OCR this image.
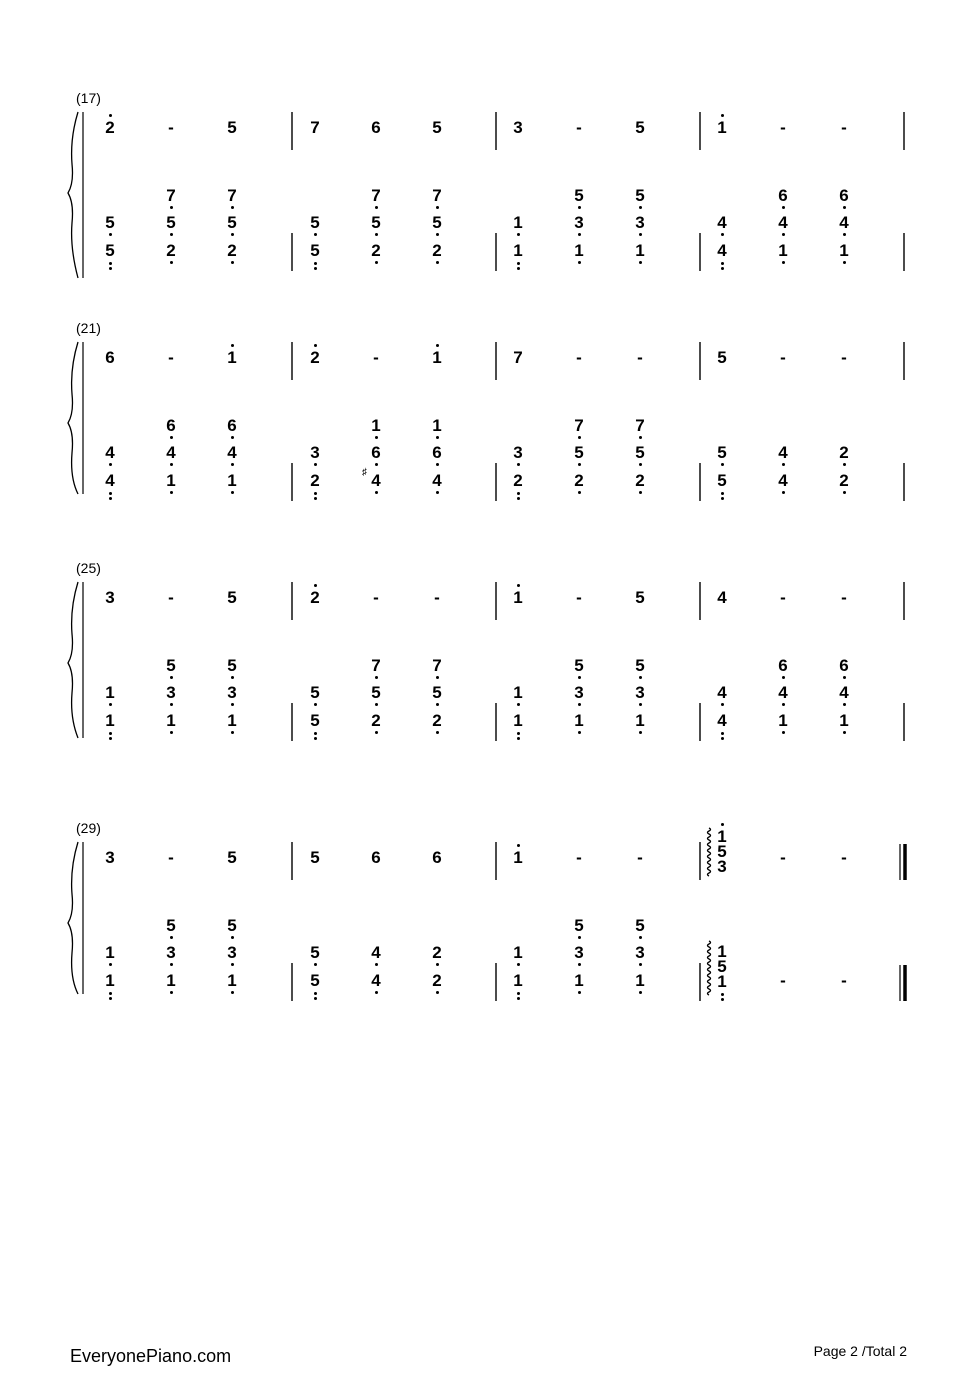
(17)
2
5
5
-
7
5
2
5
7
5
2
7
5
5
6
7
5
2
5
7
5
2
3
1
1
-
5
3
1
5
5
3
1
1
4
4
-
6
4
1
-
6
4
1
(21)
6
4
4
-
6
4
1
1
6
4
1
2
3
2
-
1
6
4
♯
1
1
6
4
7
3
2
-
7
5
2
-
7
5
2
5
5
5
-
4
4
-
2
2
(25)
3
1
1
-
5
3
1
5
5
3
1
2
5
5
-
7
5
2
-
7
5
2
1
1
1
-
5
3
1
5
5
3
1
4
4
4
-
6
4
1
-
6
4
1
(29)
3
1
1
-
5
3
1
5
5
3
1
5
5
5
6
4
4
6
2
2
1
1
1
-
5
3
1
-
5
3
1
1
5
3
1
5
1
-
-
-
-
EveryonePiano.com	Page 2 /Total 2
